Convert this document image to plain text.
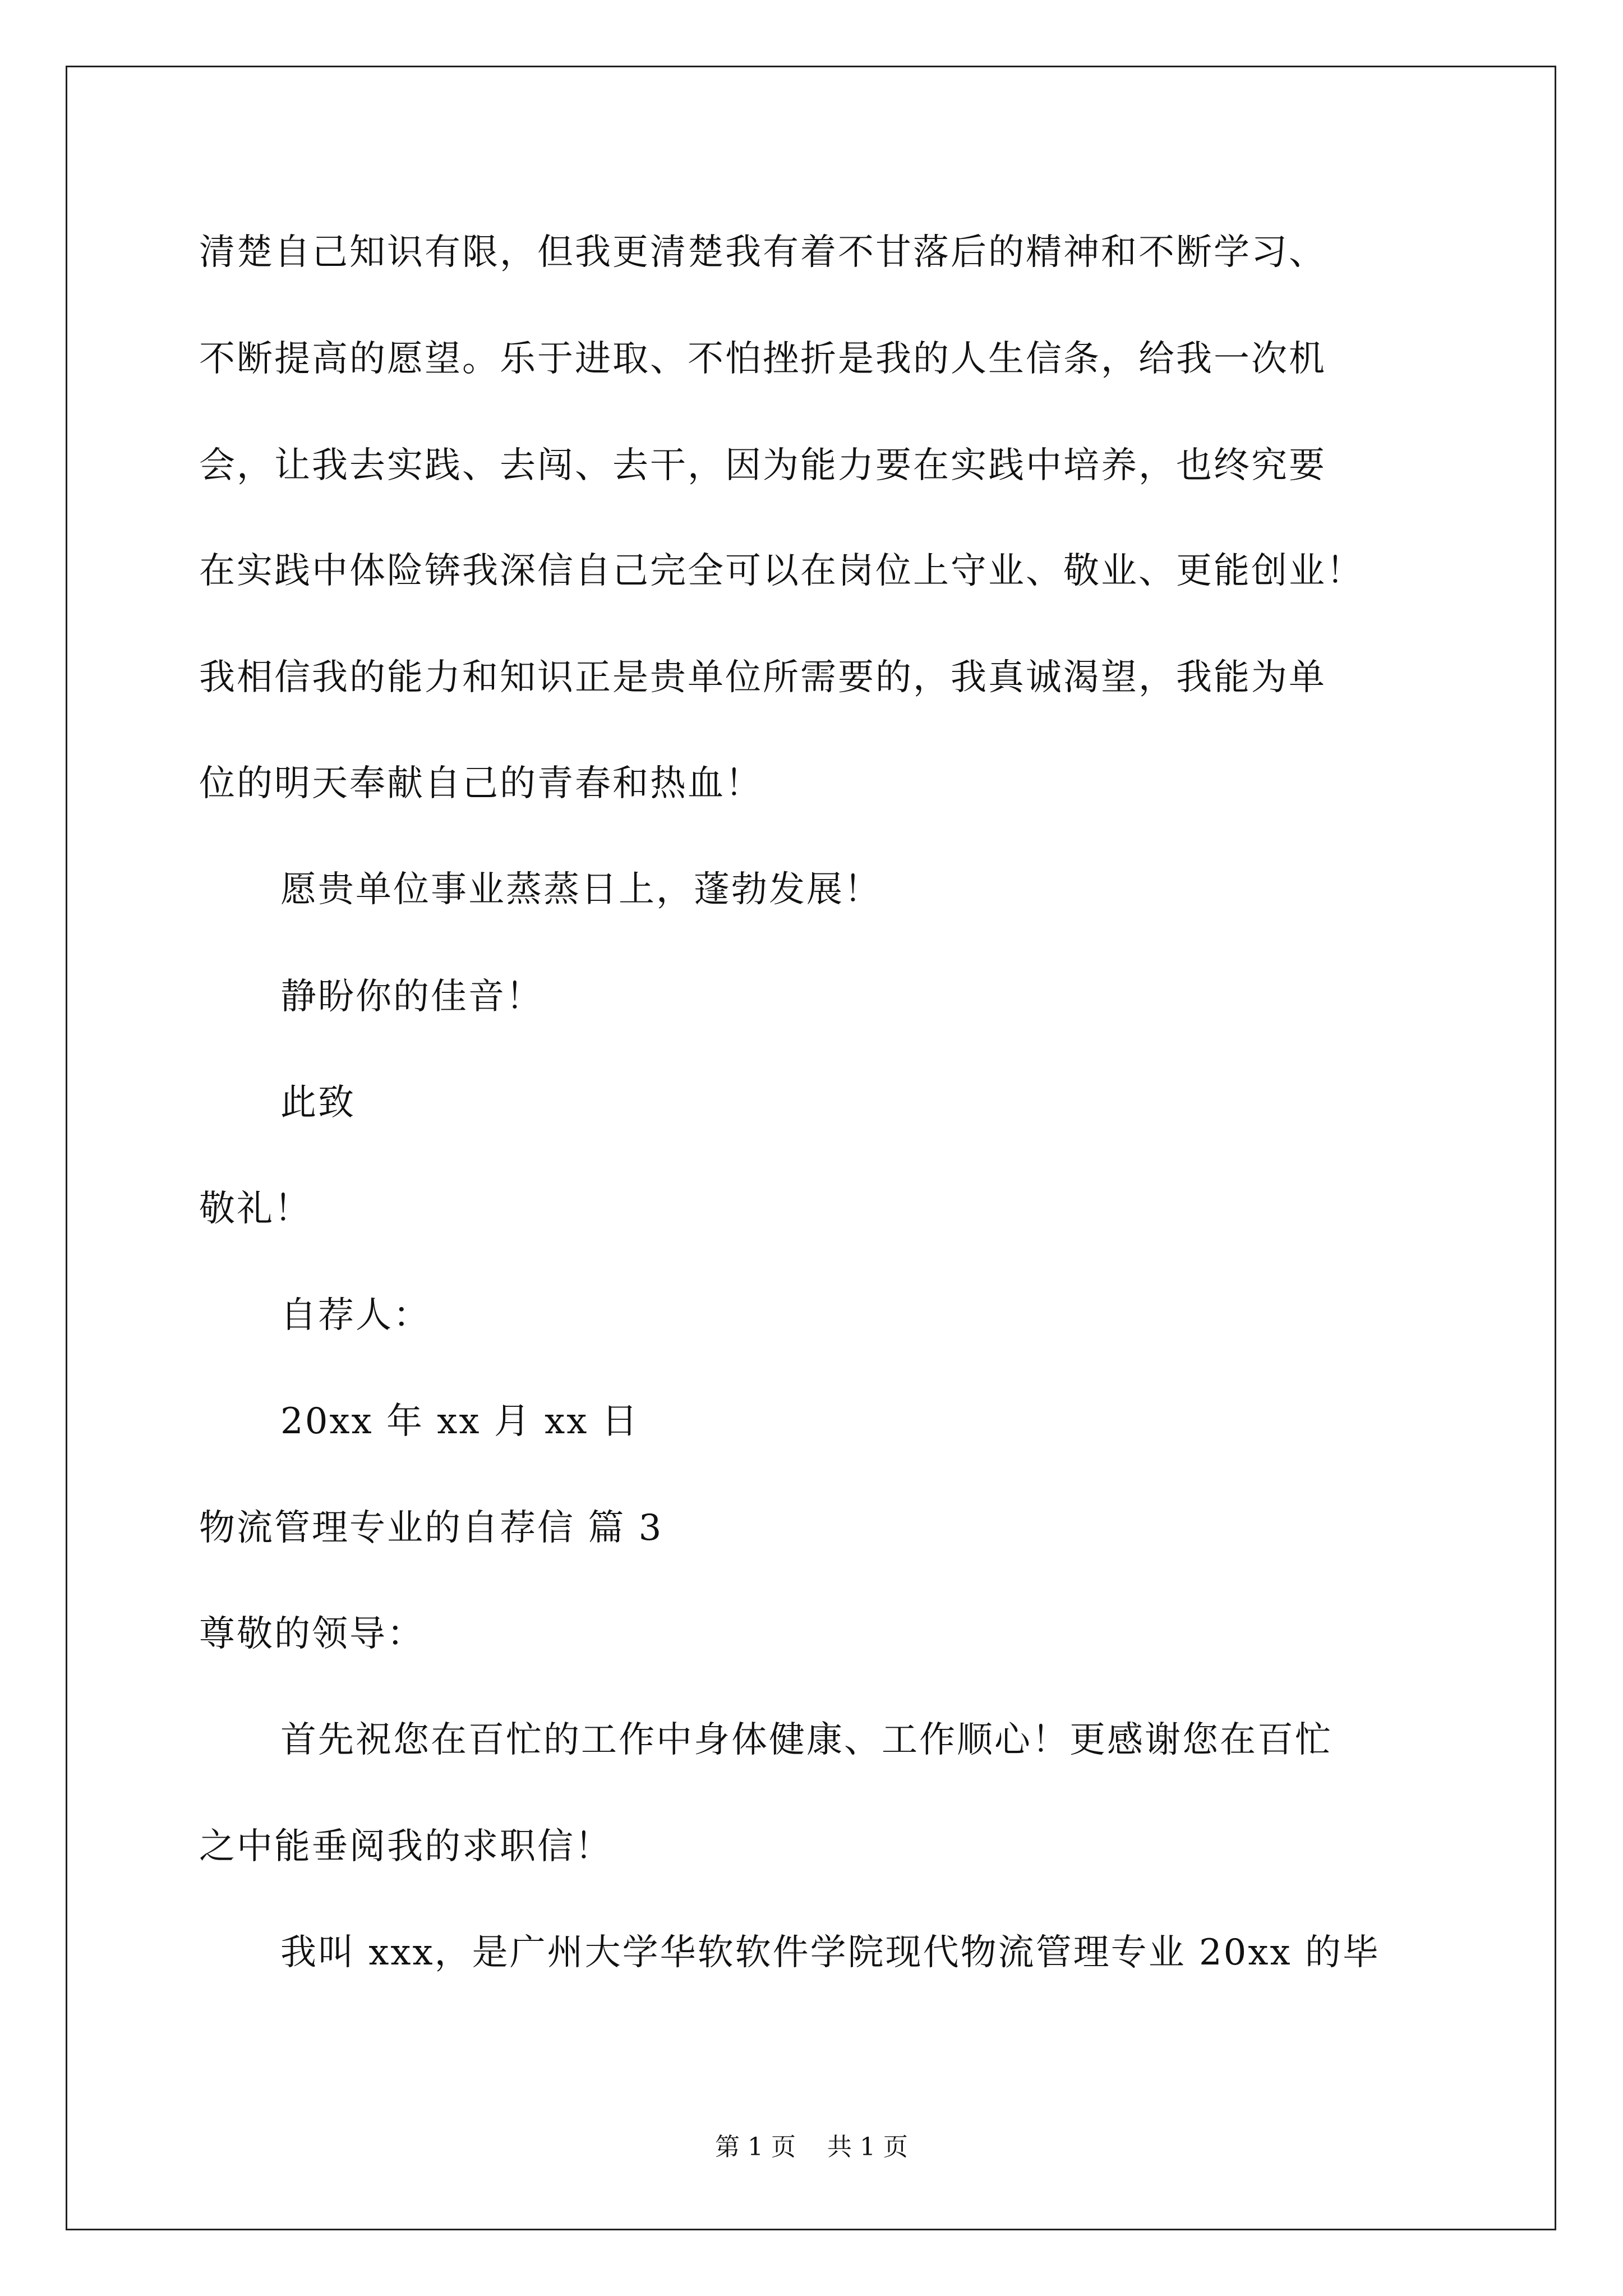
清楚自己知识有限，但我更清楚我有着不甘落后的精神和不断学习、
不断提高的愿望。乐于进取、不怕挫折是我的人生信条，给我一次机
会，让我去实践、去闯、去干，因为能力要在实践中培养，也终究要
在实践中体险锛我深信自己完全可以在岗位上守业、敬业、更能创业！
我相信我的能力和知识正是贵单位所需要的，我真诚渴望，我能为单
位的明天奉献自己的青春和热血！
愿贵单位事业蒸蒸日上，蓬勃发展！
静盼你的佳音！
此致
敬礼！
自荐人：
20xx 年 xx 月 xx 日
物流管理专业的自荐信 篇 3
尊敬的领导：
首先祝您在百忙的工作中身体健康、工作顺心！更感谢您在百忙
之中能垂阅我的求职信！
我叫 xxx，是广州大学华软软件学院现代物流管理专业 20xx 的毕
第 1 页    共 1 页
